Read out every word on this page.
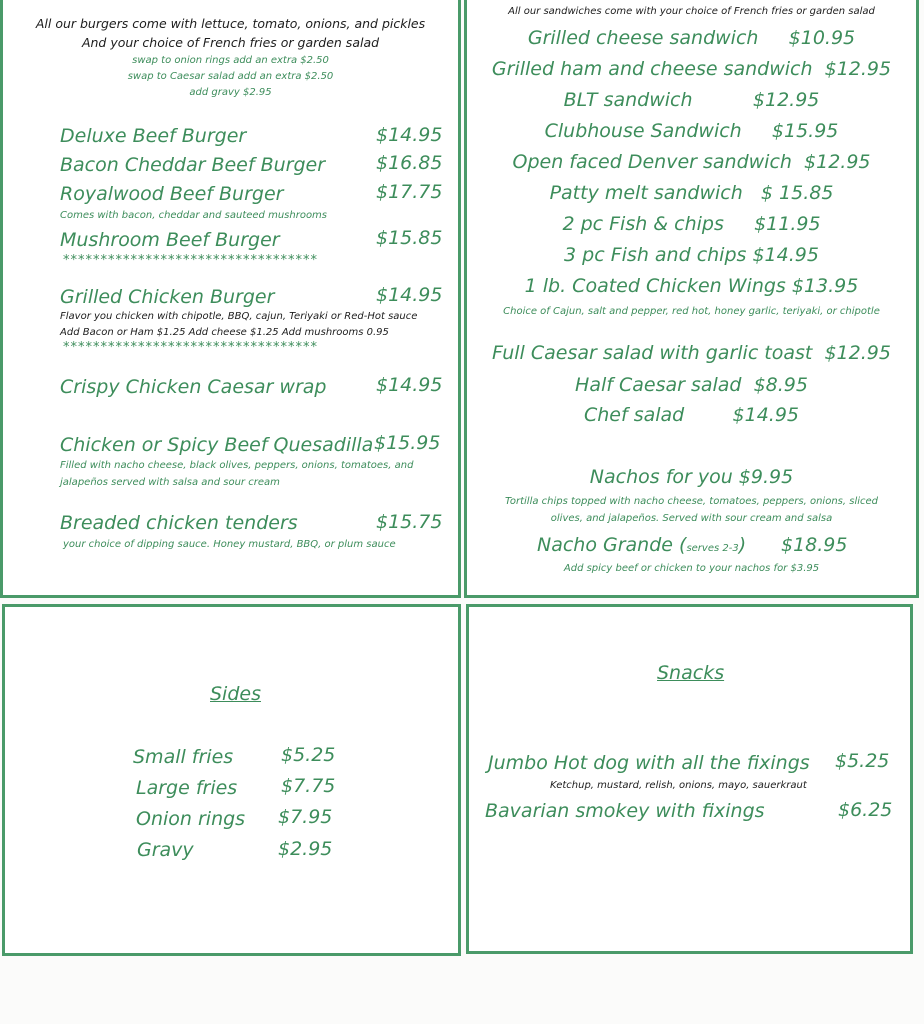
All our burgers come with lettuce, tomato, onions, and pickles
And your choice of French fries or garden salad
swap to onion rings add an extra $2.50
swap to Caesar salad add an extra $2.50
add gravy $2.95
Deluxe Beef Burger	$14.95
Bacon Cheddar Beef Burger	$16.85
Royalwood Beef Burger	$17.75
Comes with bacon, cheddar and sauteed mushrooms
Mushroom Beef Burger	$15.85
**********************************
Grilled Chicken Burger	$14.95
Flavor you chicken with chipotle, BBQ, cajun, Teriyaki or Red-Hot sauce
Add Bacon or Ham $1.25 Add cheese $1.25 Add mushrooms 0.95
**********************************
Crispy Chicken Caesar wrap	$14.95
Chicken or Spicy Beef Quesadilla $15.95
Filled with nacho cheese, black olives, peppers, onions, tomatoes, and
jalapeños served with salsa and sour cream
Breaded chicken tenders	$15.75
your choice of dipping sauce. Honey mustard, BBQ, or plum sauce
All our sandwiches come with your choice of French fries or garden salad
Grilled cheese sandwich     $10.95
Grilled ham and cheese sandwich  $12.95
BLT sandwich          $12.95
Clubhouse Sandwich     $15.95
Open faced Denver sandwich  $12.95
Patty melt sandwich   $ 15.85
2 pc Fish & chips     $11.95
3 pc Fish and chips $14.95
1 lb. Coated Chicken Wings $13.95
Choice of Cajun, salt and pepper, red hot, honey garlic, teriyaki, or chipotle
Full Caesar salad with garlic toast  $12.95
Half Caesar salad  $8.95
Chef salad        $14.95
Nachos for you $9.95
Tortilla chips topped with nacho cheese, tomatoes, peppers, onions, sliced
olives, and jalapeños. Served with sour cream and salsa
Nacho Grande (serves 2-3) $18.95
Add spicy beef or chicken to your nachos for $3.95
Sides
Small fries	$5.25
Large fries $7.75
Onion rings $7.95
Gravy	$2.95
Snacks
Jumbo Hot dog with all the fixings $5.25
Ketchup, mustard, relish, onions, mayo, sauerkraut
Bavarian smokey with fixings	$6.25
